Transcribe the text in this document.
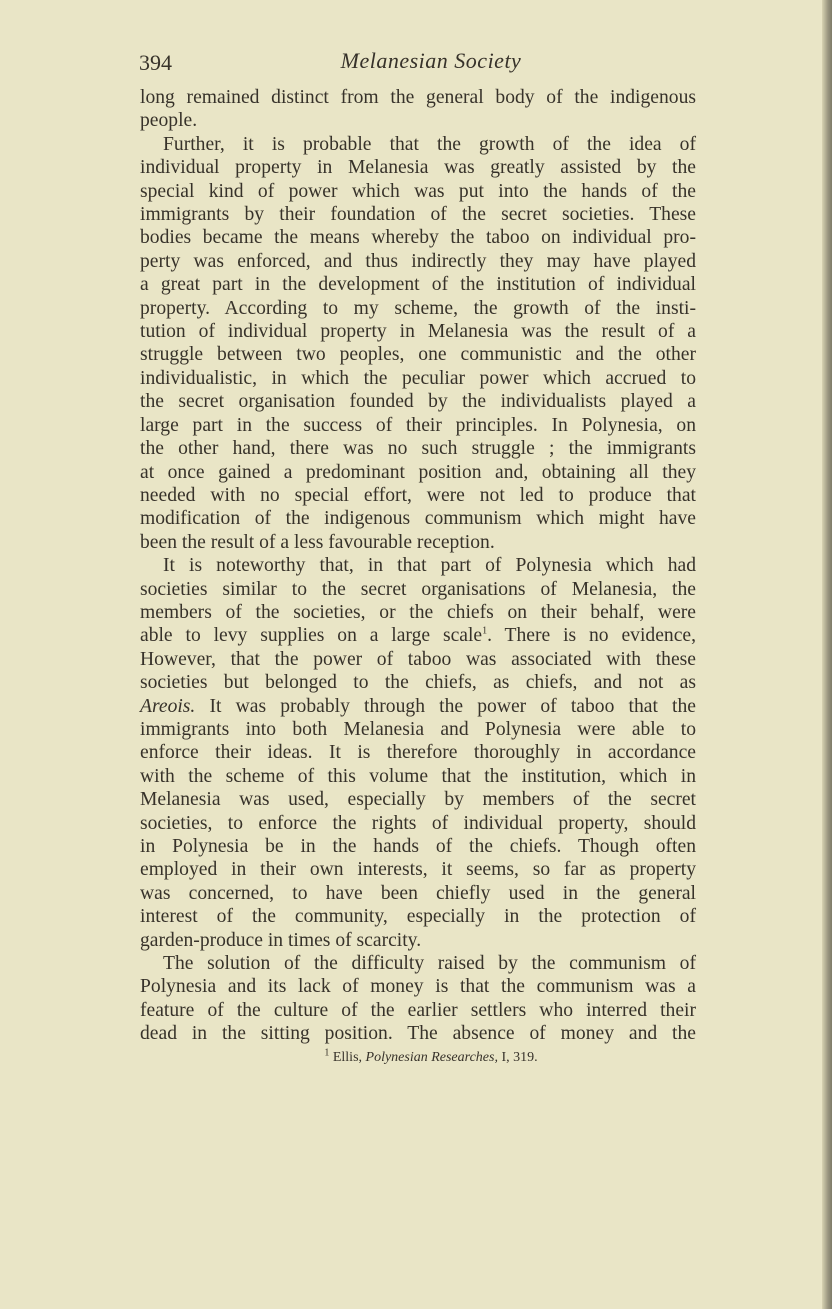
394	Melanesian Society
long remained distinct from the general body of the indigenous
people.
Further, it is probable that the growth of the idea of
individual property in Melanesia was greatly assisted by the
special kind of power which was put into the hands of the
immigrants by their foundation of the secret societies. These
bodies became the means whereby the taboo on individual pro-
perty was enforced, and thus indirectly they may have played
a great part in the development of the institution of individual
property. According to my scheme, the growth of the insti-
tution of individual property in Melanesia was the result of a
struggle between two peoples, one communistic and the other
individualistic, in which the peculiar power which accrued to
the secret organisation founded by the individualists played a
large part in the success of their principles. In Polynesia, on
the other hand, there was no such struggle ; the immigrants
at once gained a predominant position and, obtaining all they
needed with no special effort, were not led to produce that
modification of the indigenous communism which might have
been the result of a less favourable reception.
It is noteworthy that, in that part of Polynesia which had
societies similar to the secret organisations of Melanesia, the
members of the societies, or the chiefs on their behalf, were
able to levy supplies on a large scale$^1$. There is no evidence,
However, that the power of taboo was associated with these
societies but belonged to the chiefs, as chiefs, and not as
Areois. It was probably through the power of taboo that the
immigrants into both Melanesia and Polynesia were able to
enforce their ideas. It is therefore thoroughly in accordance
with the scheme of this volume that the institution, which in
Melanesia was used, especially by members of the secret
societies, to enforce the rights of individual property, should
in Polynesia be in the hands of the chiefs. Though often
employed in their own interests, it seems, so far as property
was concerned, to have been chiefly used in the general
interest of the community, especially in the protection of
garden-produce in times of scarcity.
The solution of the difficulty raised by the communism of
Polynesia and its lack of money is that the communism was a
feature of the culture of the earlier settlers who interred their
dead in the sitting position. The absence of money and the
$^1$ Ellis, Polynesian Researches, I, 319.
